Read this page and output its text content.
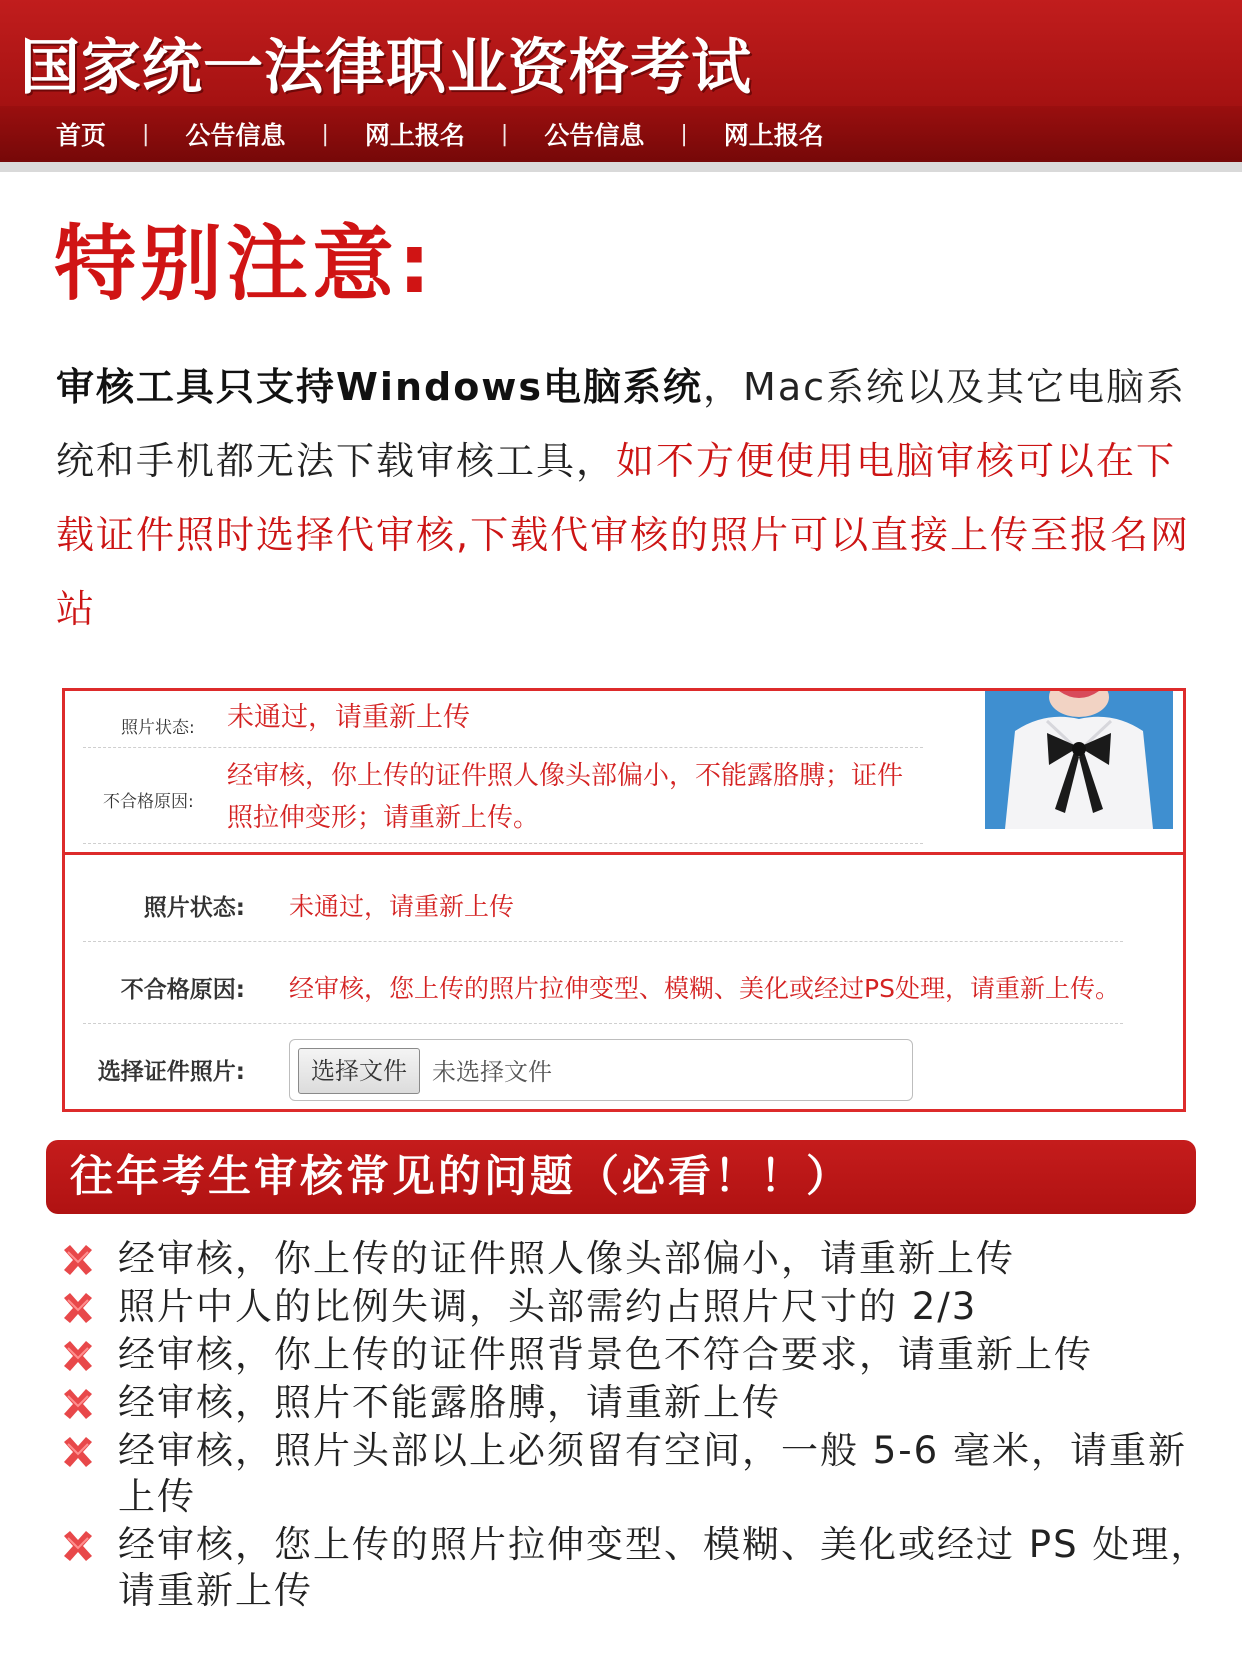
国家统一法律职业资格考试
首页 | 公告信息 | 网上报名 | 公告信息 | 网上报名
特别注意:
审核工具只支持Windows电脑系统，Mac系统以及其它电脑系统和手机都无法下载审核工具，如不方便使用电脑审核可以在下载证件照时选择代审核,下载代审核的照片可以直接上传至报名网站
照片状态: 未通过，请重新上传
不合格原因:
经审核，你上传的证件照人像头部偏小，不能露胳膊；证件照拉伸变形；请重新上传。
照片状态: 未通过，请重新上传
不合格原因: 经审核，您上传的照片拉伸变型、模糊、美化或经过PS处理，请重新上传。
选择证件照片:	选择文件	未选择文件
往年考生审核常见的问题（必看！！）
经审核，你上传的证件照人像头部偏小，请重新上传
照片中人的比例失调，头部需约占照片尺寸的 2/3
经审核，你上传的证件照背景色不符合要求，请重新上传
经审核，照片不能露胳膊，请重新上传
经审核，照片头部以上必须留有空间，一般 5-6 毫米，请重新上传
经审核，您上传的照片拉伸变型、模糊、美化或经过 PS 处理，请重新上传
